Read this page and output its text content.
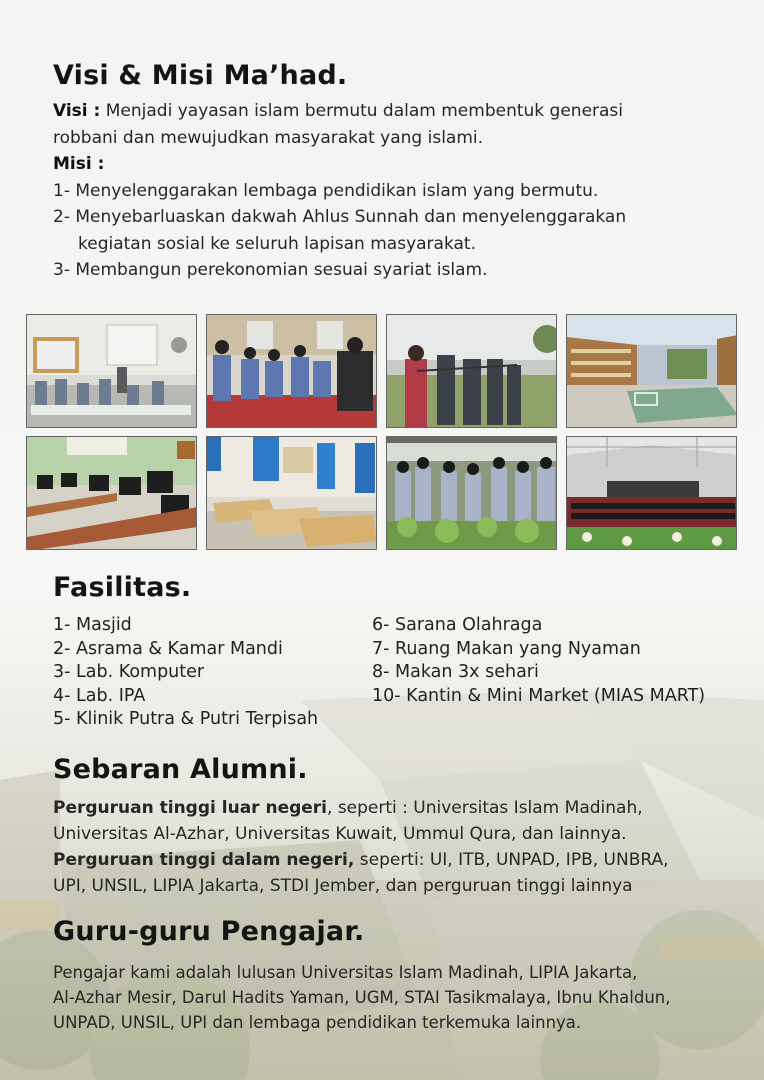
Visi & Misi Ma’had.
Visi : Menjadi yayasan islam bermutu dalam membentuk generasi
robbani dan mewujudkan masyarakat yang islami.
Misi :
1- Menyelenggarakan lembaga pendidikan islam yang bermutu.
2- Menyebarluaskan dakwah Ahlus Sunnah dan menyelenggarakan
kegiatan sosial ke seluruh lapisan masyarakat.
3- Membangun perekonomian sesuai syariat islam.
Fasilitas.
1- Masjid
2- Asrama & Kamar Mandi
3- Lab. Komputer
4- Lab. IPA
5- Klinik Putra & Putri Terpisah
6- Sarana Olahraga
7- Ruang Makan yang Nyaman
8- Makan 3x sehari
10- Kantin & Mini Market (MIAS MART)
Sebaran Alumni.
Perguruan tinggi luar negeri, seperti : Universitas Islam Madinah,
Universitas Al-Azhar, Universitas Kuwait, Ummul Qura, dan lainnya.
Perguruan tinggi dalam negeri, seperti: UI, ITB, UNPAD, IPB, UNBRA,
UPI, UNSIL, LIPIA Jakarta, STDI Jember, dan perguruan tinggi lainnya
Guru-guru Pengajar.
Pengajar kami adalah lulusan Universitas Islam Madinah, LIPIA Jakarta,
Al-Azhar Mesir, Darul Hadits Yaman, UGM, STAI Tasikmalaya, Ibnu Khaldun,
UNPAD, UNSIL, UPI dan lembaga pendidikan terkemuka lainnya.
